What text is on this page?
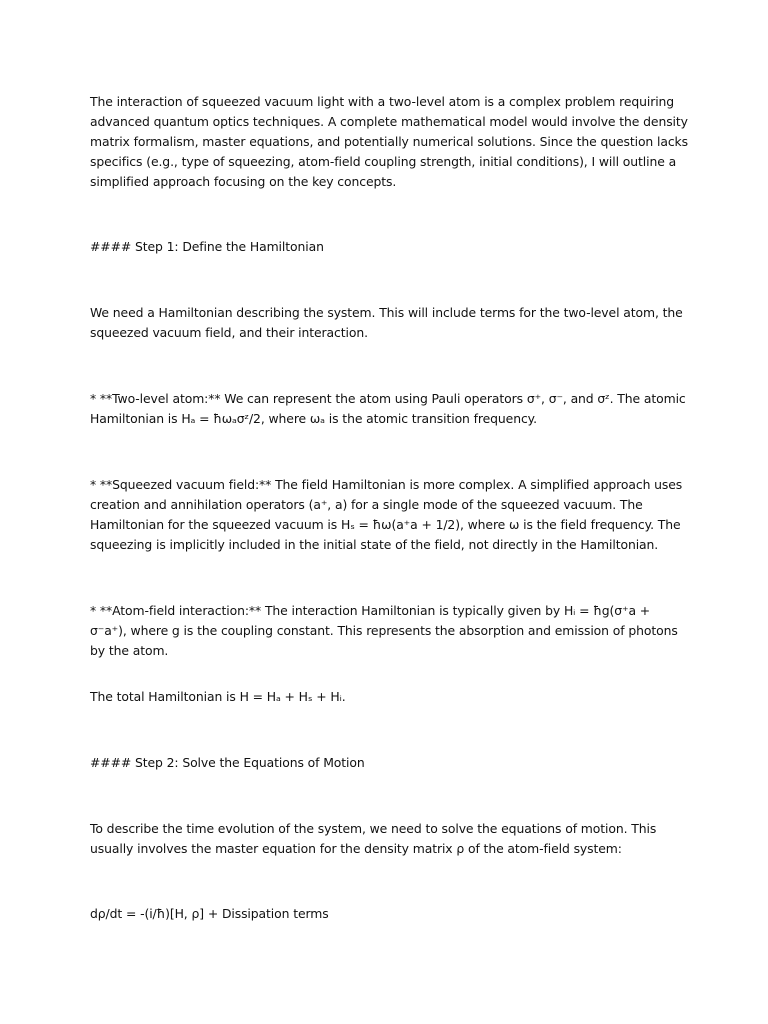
The interaction of squeezed vacuum light with a two-level atom is a complex problem requiring advanced quantum optics techniques. A complete mathematical model would involve the density matrix formalism, master equations, and potentially numerical solutions. Since the question lacks specifics (e.g., type of squeezing, atom-field coupling strength, initial conditions), I will outline a simplified approach focusing on the key concepts.

#### Step 1: Define the Hamiltonian

We need a Hamiltonian describing the system. This will include terms for the two-level atom, the squeezed vacuum field, and their interaction.

* **Two-level atom:** We can represent the atom using Pauli operators σ⁺, σ⁻, and σᶻ. The atomic Hamiltonian is Hₐ = ħωₐσᶻ/2, where ωₐ is the atomic transition frequency.

* **Squeezed vacuum field:** The field Hamiltonian is more complex. A simplified approach uses creation and annihilation operators (a⁺, a) for a single mode of the squeezed vacuum. The Hamiltonian for the squeezed vacuum is Hₛ = ħω(a⁺a + 1/2), where ω is the field frequency. The squeezing is implicitly included in the initial state of the field, not directly in the Hamiltonian.

* **Atom-field interaction:** The interaction Hamiltonian is typically given by Hᵢ = ħg(σ⁺a + σ⁻a⁺), where g is the coupling constant. This represents the absorption and emission of photons by the atom.

The total Hamiltonian is H = Hₐ + Hₛ + Hᵢ.

#### Step 2: Solve the Equations of Motion

To describe the time evolution of the system, we need to solve the equations of motion. This usually involves the master equation for the density matrix ρ of the atom-field system:

dρ/dt = -(i/ħ)[H, ρ] + Dissipation terms
